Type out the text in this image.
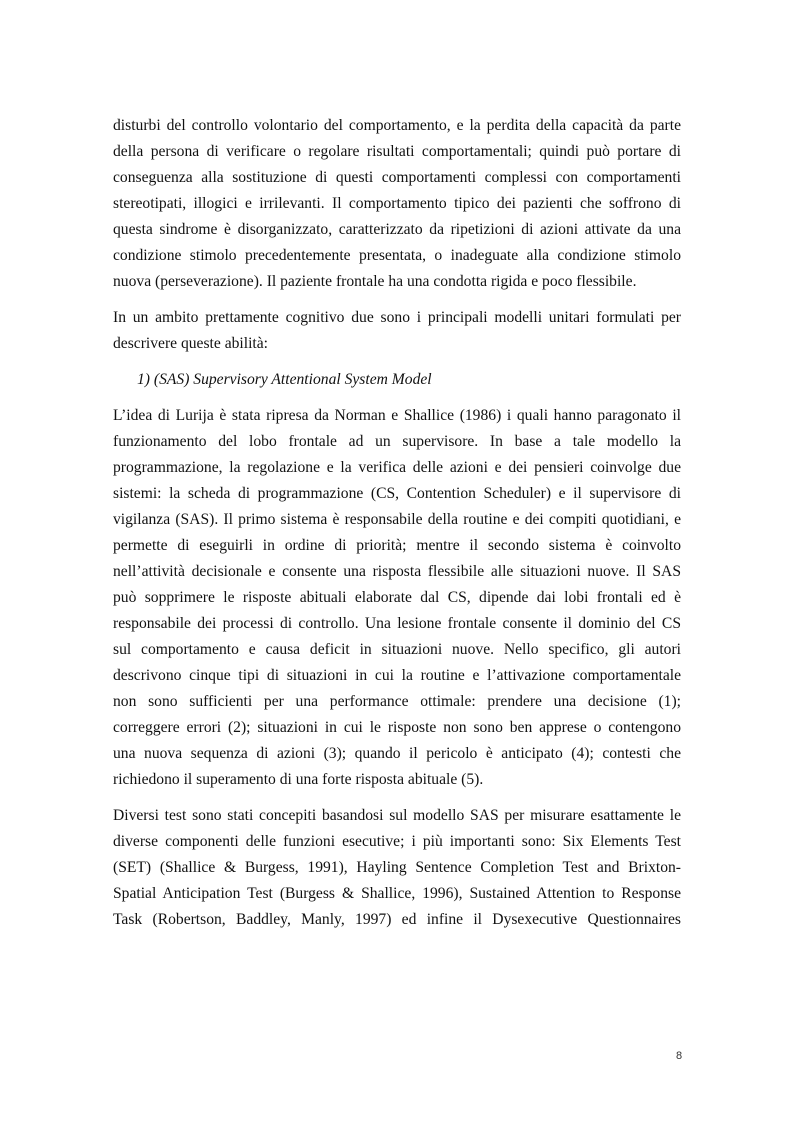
disturbi del controllo volontario del comportamento, e la perdita della capacità da parte
della persona di verificare o regolare risultati comportamentali; quindi può portare di
conseguenza alla sostituzione di questi comportamenti complessi con comportamenti
stereotipati, illogici e irrilevanti. Il comportamento tipico dei pazienti che soffrono di
questa sindrome è disorganizzato, caratterizzato da ripetizioni di azioni attivate da una
condizione stimolo precedentemente presentata, o inadeguate alla condizione stimolo
nuova (perseverazione). Il paziente frontale ha una condotta rigida e poco flessibile.
In un ambito prettamente cognitivo due sono i principali modelli unitari formulati per
descrivere queste abilità:
1) (SAS) Supervisory Attentional System Model
L’idea di Lurija è stata ripresa da Norman e Shallice (1986) i quali hanno paragonato il
funzionamento del lobo frontale ad un supervisore. In base a tale modello la
programmazione, la regolazione e la verifica delle azioni e dei pensieri coinvolge due
sistemi: la scheda di programmazione (CS, Contention Scheduler) e il supervisore di
vigilanza (SAS). Il primo sistema è responsabile della routine e dei compiti quotidiani, e
permette di eseguirli in ordine di priorità; mentre il secondo sistema è coinvolto
nell’attività decisionale e consente una risposta flessibile alle situazioni nuove. Il SAS
può sopprimere le risposte abituali elaborate dal CS, dipende dai lobi frontali ed è
responsabile dei processi di controllo. Una lesione frontale consente il dominio del CS
sul comportamento e causa deficit in situazioni nuove. Nello specifico, gli autori
descrivono cinque tipi di situazioni in cui la routine e l’attivazione comportamentale
non sono sufficienti per una performance ottimale: prendere una decisione (1);
correggere errori (2); situazioni in cui le risposte non sono ben apprese o contengono
una nuova sequenza di azioni (3); quando il pericolo è anticipato (4); contesti che
richiedono il superamento di una forte risposta abituale (5).
Diversi test sono stati concepiti basandosi sul modello SAS per misurare esattamente le
diverse componenti delle funzioni esecutive; i più importanti sono: Six Elements Test
(SET) (Shallice & Burgess, 1991), Hayling Sentence Completion Test and Brixton-
Spatial Anticipation Test (Burgess & Shallice, 1996), Sustained Attention to Response
Task (Robertson, Baddley, Manly, 1997) ed infine il Dysexecutive Questionnaires
8
